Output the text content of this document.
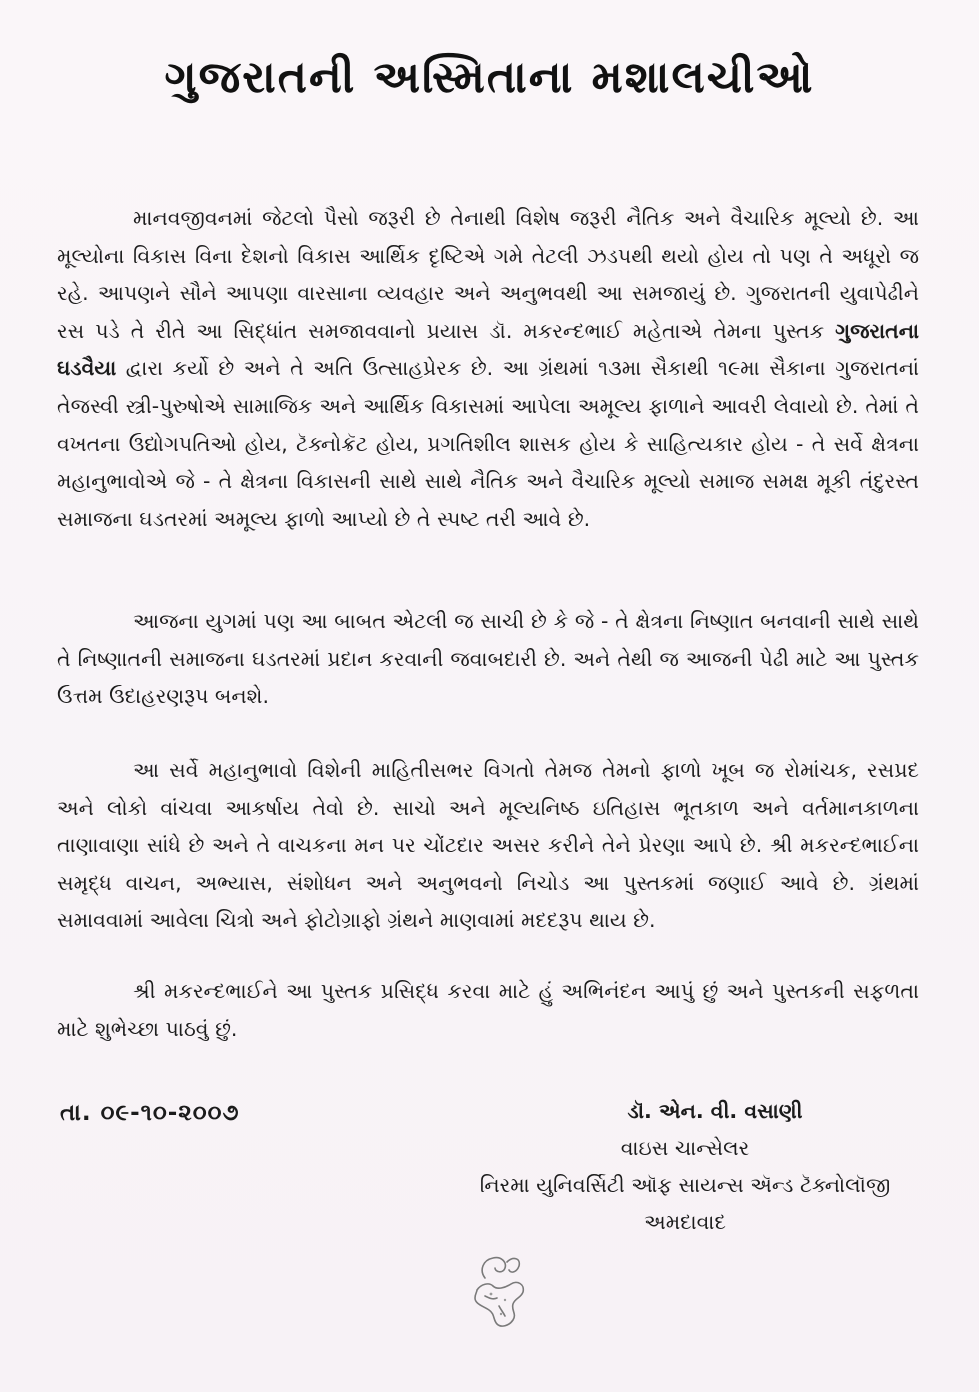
ગુજરાતની અસ્મિતાના મશાલચીઓ

માનવજીવનમાં જેટલો પૈસો જરૂરી છે તેનાથી વિશેષ જરૂરી નૈતિક અને વૈચારિક મૂલ્યો છે. આ મૂલ્યોના વિકાસ વિના દેશનો વિકાસ આર્થિક દૃષ્ટિએ ગમે તેટલી ઝડપથી થયો હોય તો પણ તે અધૂરો જ રહે. આપણને સૌને આપણા વારસાના વ્યવહાર અને અનુભવથી આ સમજાયું છે. ગુજરાતની યુવાપેઢીને રસ પડે તે રીતે આ સિદ્ધાંત સમજાવવાનો પ્રયાસ ડૉ. મકરન્દભાઈ મહેતાએ તેમના પુસ્તક ગુજરાતના ઘડવૈયા દ્વારા કર્યો છે અને તે અતિ ઉત્સાહપ્રેરક છે. આ ગ્રંથમાં ૧૩મા સૈકાથી ૧૯મા સૈકાના ગુજરાતનાં તેજસ્વી સ્ત્રી-પુરુષોએ સામાજિક અને આર્થિક વિકાસમાં આપેલા અમૂલ્ય ફાળાને આવરી લેવાયો છે. તેમાં તે વખતના ઉદ્યોગપતિઓ હોય, ટૅક્નોક્રૅટ હોય, પ્રગતિશીલ શાસક હોય કે સાહિત્યકાર હોય - તે સર્વે ક્ષેત્રના મહાનુભાવોએ જે - તે ક્ષેત્રના વિકાસની સાથે સાથે નૈતિક અને વૈચારિક મૂલ્યો સમાજ સમક્ષ મૂકી તંદુરસ્ત સમાજના ઘડતરમાં અમૂલ્ય ફાળો આપ્યો છે તે સ્પષ્ટ તરી આવે છે.

આજના યુગમાં પણ આ બાબત એટલી જ સાચી છે કે જે - તે ક્ષેત્રના નિષ્ણાત બનવાની સાથે સાથે તે નિષ્ણાતની સમાજના ઘડતરમાં પ્રદાન કરવાની જવાબદારી છે. અને તેથી જ આજની પેઢી માટે આ પુસ્તક ઉત્તમ ઉદાહરણરૂપ બનશે.

આ સર્વે મહાનુભાવો વિશેની માહિતીસભર વિગતો તેમજ તેમનો ફાળો ખૂબ જ રોમાંચક, રસપ્રદ અને લોકો વાંચવા આકર્ષાય તેવો છે. સાચો અને મૂલ્યનિષ્ઠ ઇતિહાસ ભૂતકાળ અને વર્તમાનકાળના તાણાવાણા સાંધે છે અને તે વાચકના મન પર ચોંટદાર અસર કરીને તેને પ્રેરણા આપે છે. શ્રી મકરન્દભાઈના સમૃદ્ધ વાચન, અભ્યાસ, સંશોધન અને અનુભવનો નિચોડ આ પુસ્તકમાં જણાઈ આવે છે. ગ્રંથમાં સમાવવામાં આવેલા ચિત્રો અને ફોટોગ્રાફો ગ્રંથને માણવામાં મદદરૂપ થાય છે.

શ્રી મકરન્દભાઈને આ પુસ્તક પ્રસિદ્ધ કરવા માટે હું અભિનંદન આપું છું અને પુસ્તકની સફળતા માટે શુભેચ્છા પાઠવું છું.

તા. ૦૯-૧૦-૨૦૦૭	ડૉ. એન. વી. વસાણી
વાઇસ ચાન્સેલર
નિરમા યુનિવર્સિટી ઑફ સાયન્સ ઍન્ડ ટૅક્નોલૉજી
અમદાવાદ
